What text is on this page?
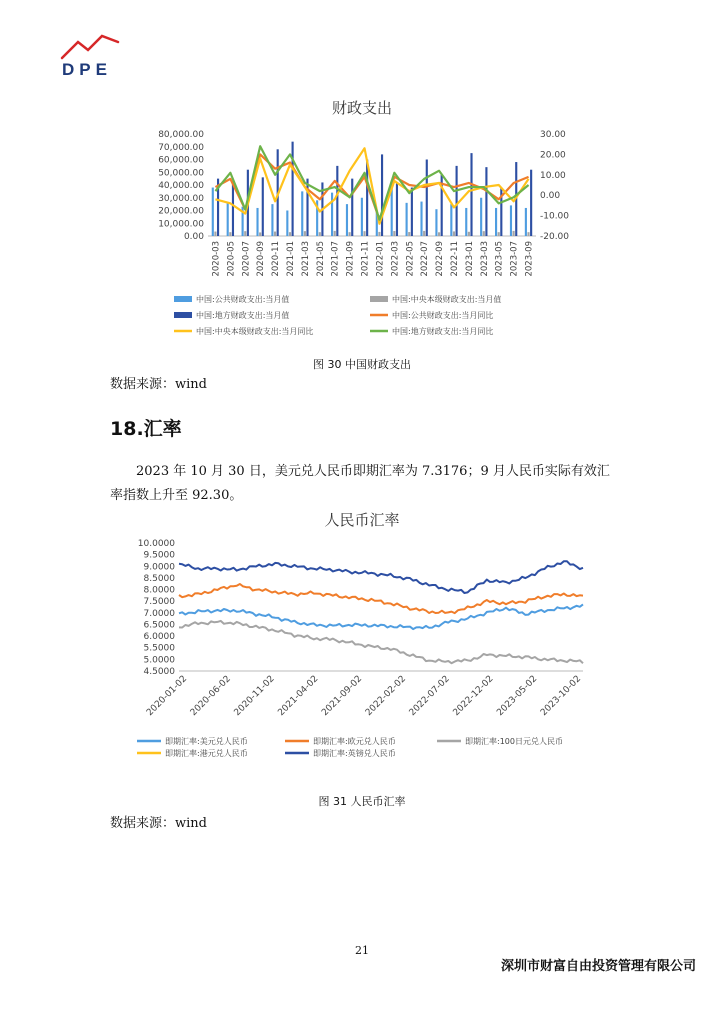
DPE
财政支出
80,000.00
70,000.00
60,000.00
50,000.00
40,000.00
30,000.00
20,000.00
10,000.00
0.00
30.00
20.00
10.00
0.00
-10.00
-20.00
2020-03 2020-05 2020-07 2020-09 2020-11 2021-01 2021-03 2021-05 2021-07 2021-09 2021-11 2022-01 2022-03 2022-05 2022-07 2022-09 2022-11 2023-01 2023-03 2023-05 2023-07 2023-09
中国:公共财政支出:当月值	中国:中央本级财政支出:当月值
中国:地方财政支出:当月值	中国:公共财政支出:当月同比
中国:中央本级财政支出:当月同比	中国:地方财政支出:当月同比
图 30 中国财政支出
数据来源：wind
18.汇率
2023 年 10 月 30 日，美元兑人民币即期汇率为 7.3176；9 月人民币实际有效汇率指数上升至 92.30。
人民币汇率
10.0000
9.5000
9.0000
8.5000
8.0000
7.5000
7.0000
6.5000
6.0000
5.5000
5.0000
4.5000
2020-01-02 2020-06-02 2020-11-02 2021-04-02 2021-09-02 2022-02-02 2022-07-02 2022-12-02 2023-05-02 2023-10-02
即期汇率:美元兑人民币	即期汇率:欧元兑人民币	即期汇率:100日元兑人民币
即期汇率:港元兑人民币	即期汇率:英镑兑人民币
图 31 人民币汇率
数据来源：wind
21
深圳市财富自由投资管理有限公司
